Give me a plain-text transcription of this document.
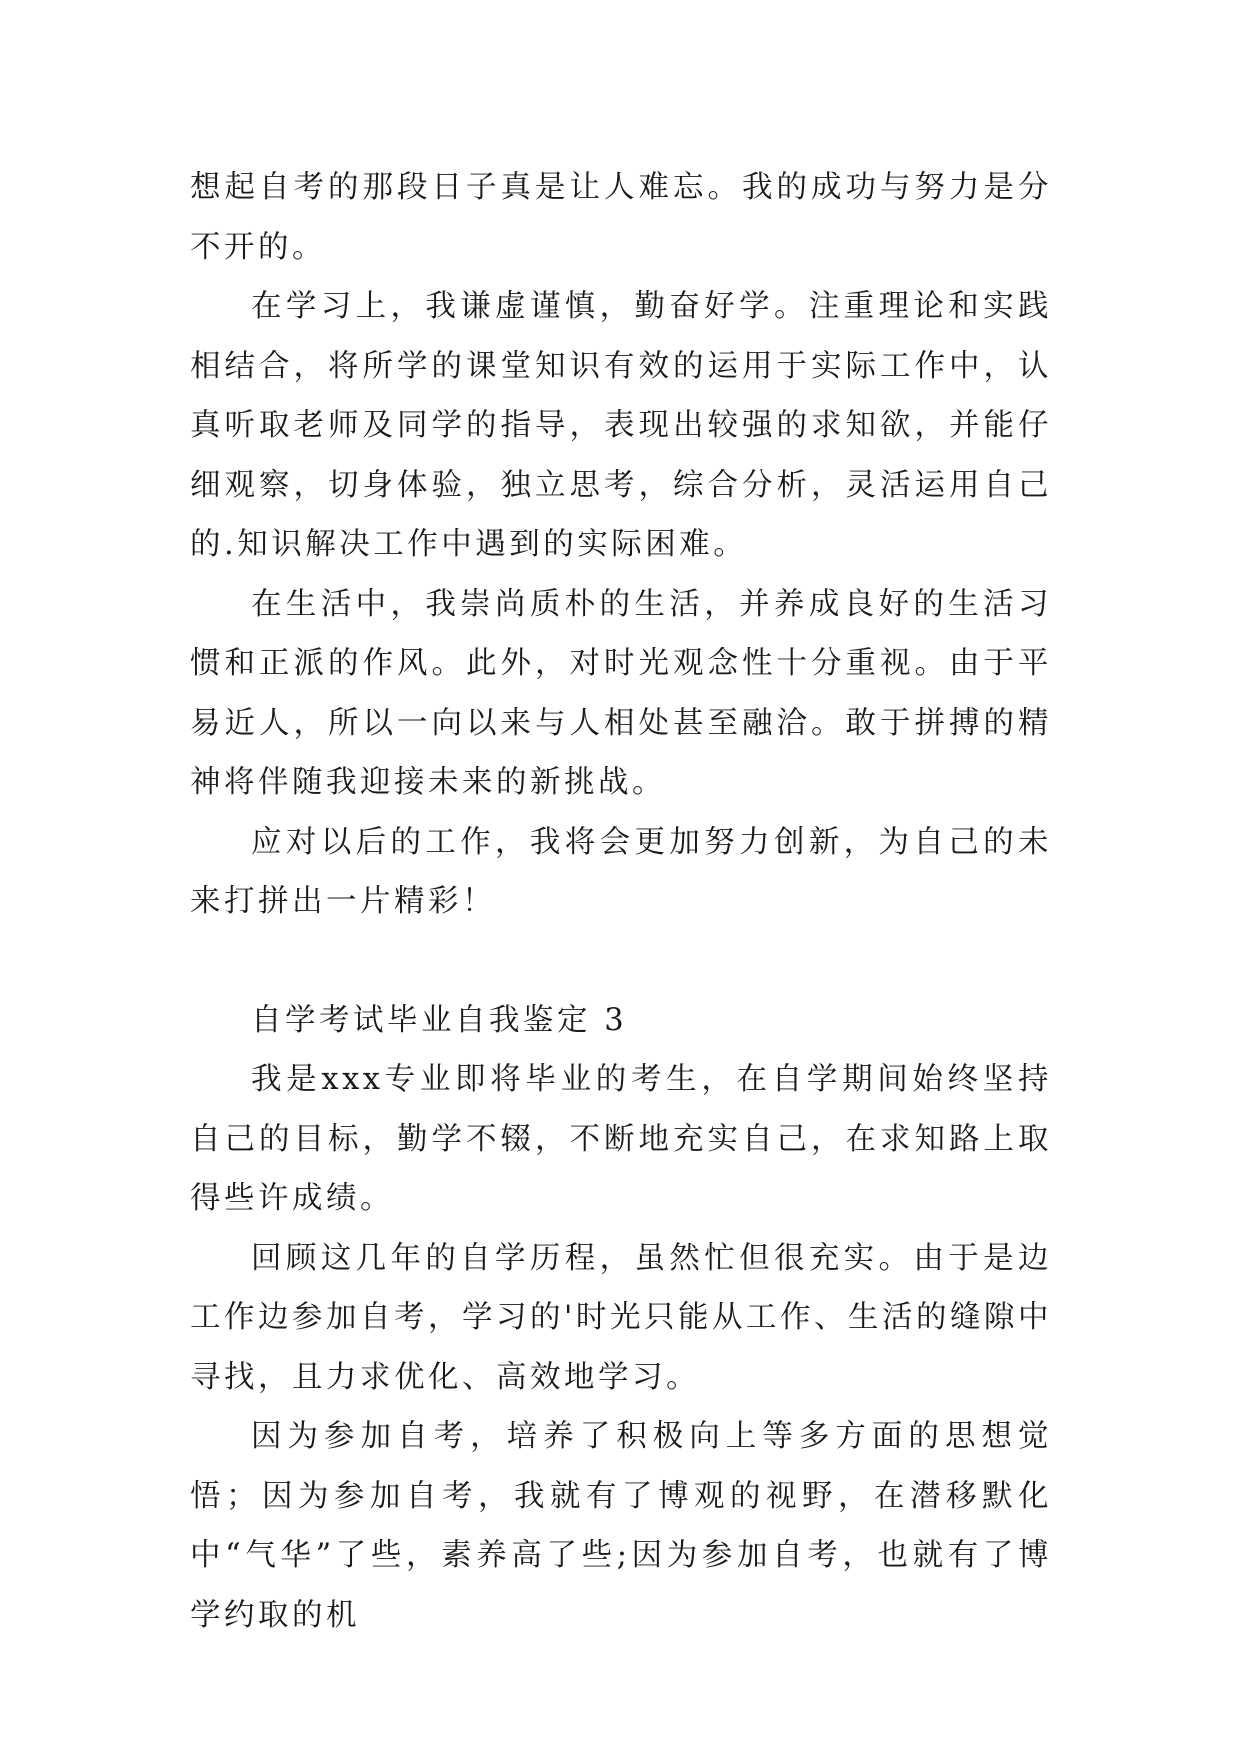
想起自考的那段日子真是让人难忘。我的成功与努力是分不开的。

在学习上，我谦虚谨慎，勤奋好学。注重理论和实践相结合，将所学的课堂知识有效的运用于实际工作中，认真听取老师及同学的指导，表现出较强的求知欲，并能仔细观察，切身体验，独立思考，综合分析，灵活运用自己的.知识解决工作中遇到的实际困难。

在生活中，我崇尚质朴的生活，并养成良好的生活习惯和正派的作风。此外，对时光观念性十分重视。由于平易近人，所以一向以来与人相处甚至融洽。敢于拼搏的精神将伴随我迎接未来的新挑战。

应对以后的工作，我将会更加努力创新，为自己的未来打拼出一片精彩！

自学考试毕业自我鉴定 3

我是xxx专业即将毕业的考生，在自学期间始终坚持自己的目标，勤学不辍，不断地充实自己，在求知路上取得些许成绩。

回顾这几年的自学历程，虽然忙但很充实。由于是边工作边参加自考，学习的'时光只能从工作、生活的缝隙中寻找，且力求优化、高效地学习。

因为参加自考，培养了积极向上等多方面的思想觉悟；因为参加自考，我就有了博观的视野，在潜移默化中“气华”了些，素养高了些;因为参加自考，也就有了博学约取的机
